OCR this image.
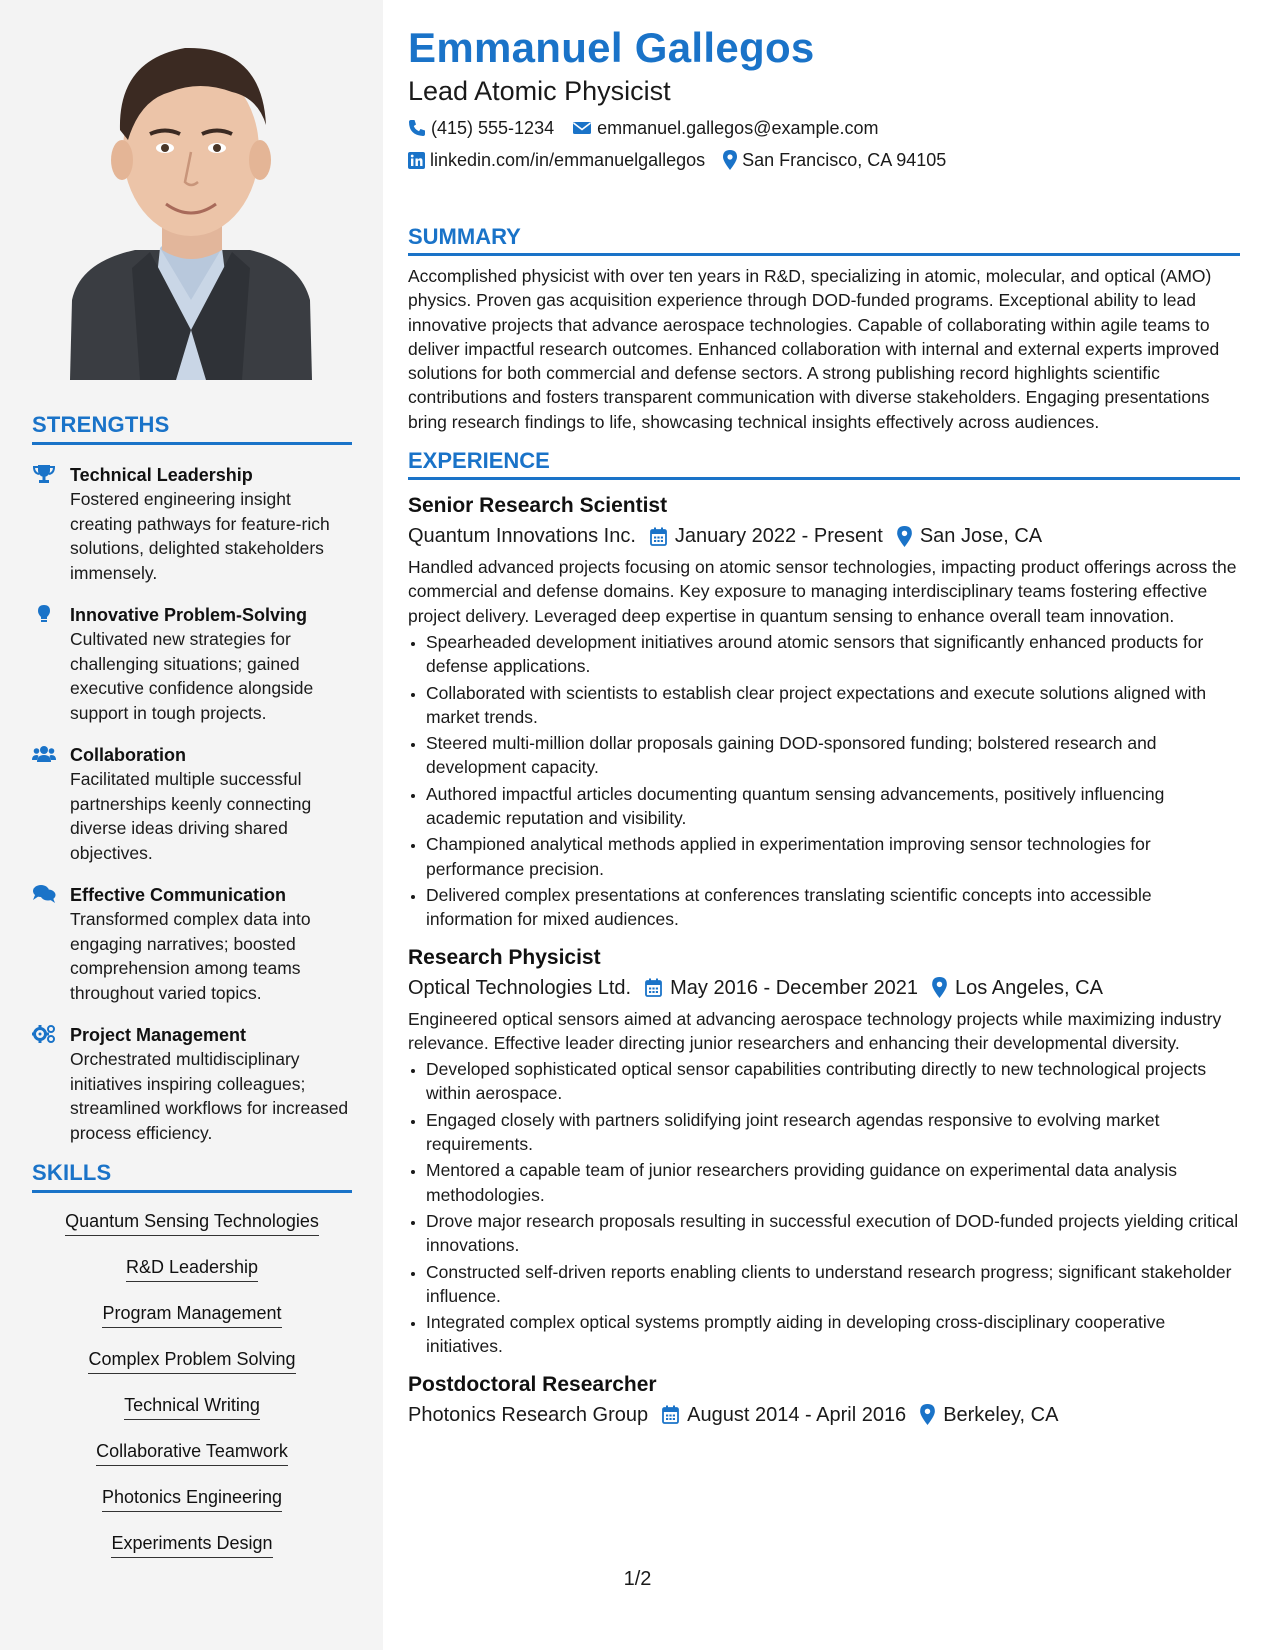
STRENGTHS
Technical Leadership
Fostered engineering insight creating pathways for feature-rich solutions, delighted stakeholders immensely.
Innovative Problem-Solving
Cultivated new strategies for challenging situations; gained executive confidence alongside support in tough projects.
Collaboration
Facilitated multiple successful partnerships keenly connecting diverse ideas driving shared objectives.
Effective Communication
Transformed complex data into engaging narratives; boosted comprehension among teams throughout varied topics.
Project Management
Orchestrated multidisciplinary initiatives inspiring colleagues; streamlined workflows for increased process efficiency.
SKILLS
Quantum Sensing Technologies
R&D Leadership
Program Management
Complex Problem Solving
Technical Writing
Collaborative Teamwork
Photonics Engineering
Experiments Design
Emmanuel Gallegos
Lead Atomic Physicist
(415) 555-1234 emmanuel.gallegos@example.com
linkedin.com/in/emmanuelgallegos San Francisco, CA 94105
SUMMARY

Accomplished physicist with over ten years in R&D, specializing in atomic, molecular, and optical (AMO) physics. Proven gas acquisition experience through DOD-funded programs. Exceptional ability to lead innovative projects that advance aerospace technologies. Capable of collaborating within agile teams to deliver impactful research outcomes. Enhanced collaboration with internal and external experts improved solutions for both commercial and defense sectors. A strong publishing record highlights scientific contributions and fosters transparent communication with diverse stakeholders. Engaging presentations bring research findings to life, showcasing technical insights effectively across audiences.

EXPERIENCE
Senior Research Scientist
Quantum Innovations Inc. January 2022 - Present San Jose, CA
Handled advanced projects focusing on atomic sensor technologies, impacting product offerings across the commercial and defense domains. Key exposure to managing interdisciplinary teams fostering effective project delivery. Leveraged deep expertise in quantum sensing to enhance overall team innovation.
• Spearheaded development initiatives around atomic sensors that significantly enhanced products for defense applications.
• Collaborated with scientists to establish clear project expectations and execute solutions aligned with market trends.
• Steered multi-million dollar proposals gaining DOD-sponsored funding; bolstered research and development capacity.
• Authored impactful articles documenting quantum sensing advancements, positively influencing academic reputation and visibility.
• Championed analytical methods applied in experimentation improving sensor technologies for performance precision.
• Delivered complex presentations at conferences translating scientific concepts into accessible information for mixed audiences.
Research Physicist
Optical Technologies Ltd. May 2016 - December 2021 Los Angeles, CA
Engineered optical sensors aimed at advancing aerospace technology projects while maximizing industry relevance. Effective leader directing junior researchers and enhancing their developmental diversity.
• Developed sophisticated optical sensor capabilities contributing directly to new technological projects within aerospace.
• Engaged closely with partners solidifying joint research agendas responsive to evolving market requirements.
• Mentored a capable team of junior researchers providing guidance on experimental data analysis methodologies.
• Drove major research proposals resulting in successful execution of DOD-funded projects yielding critical innovations.
• Constructed self-driven reports enabling clients to understand research progress; significant stakeholder influence.
• Integrated complex optical systems promptly aiding in developing cross-disciplinary cooperative initiatives.
Postdoctoral Researcher
Photonics Research Group August 2014 - April 2016 Berkeley, CA
1/2
